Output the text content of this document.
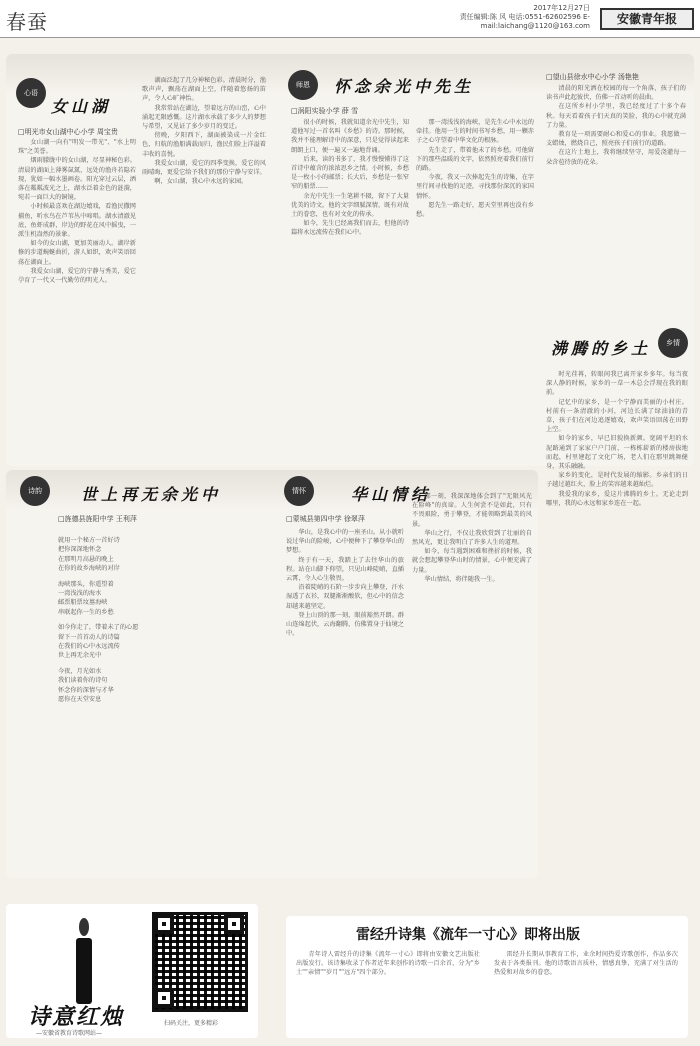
春蚕
2017年12月27日
责任编辑:陈 风 电话:0551-62602596 E-mail:laichang@1120@163.com	安徽青年报
心语
女山湖
□明光市女山湖中心小学 周宝贵

女山湖一向有"明发一带光"、"水上明珠"之美誉。

烟雨朦胧中的女山湖，尽显神秘色彩。清晨的湖面上薄雾氤氲，远处的渔舟若隐若现，犹如一幅水墨画卷。阳光穿过云层，洒落在粼粼波光之上，湖水泛着金色的涟漪，宛若一面巨大的铜镜。

小时候最喜欢在湖边嬉戏，看渔民撒网捕鱼，听水鸟在芦苇丛中啼唱。湖水清澈见底，鱼虾成群，岸边的野花在风中摇曳，一派生机盎然的景象。

如今的女山湖，更加美丽动人。湖岸新修的步道蜿蜒曲折，游人如织，欢声笑语回荡在湖面上。

我爱女山湖，爱它的宁静与秀美，爱它孕育了一代又一代勤劳的明光人。

湖面泛起了几分神秘色彩。清晨时分，渔歌声声，飘荡在湖面上空，伴随着悠扬的笛声，令人心旷神怡。

我常常站在湖边，望着远方的山峦，心中涌起无限感慨。这片湖水承载了多少人的梦想与希望，又见证了多少岁月的变迁。

傍晚，夕阳西下，湖面被染成一片金红色，归航的渔船满载而归，渔民们脸上洋溢着丰收的喜悦。

我爱女山湖，爱它的四季变换，爱它的风雨晴晦，更爱它给予我们的那份宁静与安详。

啊，女山湖，我心中永远的家园。

师恩	怀念余光中先生
□涡阳实验小学 薛 雪

很小的时候，我就知道余光中先生，知道他写过一首名叫《乡愁》的诗。那时候，我并不能理解诗中的深意，只是觉得读起来朗朗上口，便一遍又一遍地背诵。

后来，读的书多了，我才慢慢懂得了这首诗中蕴含的浓浓思乡之情。小时候，乡愁是一枚小小的邮票；长大后，乡愁是一张窄窄的船票……

余光中先生一生笔耕不辍，留下了大量优美的诗文。他的文字细腻深情，既有对故土的眷恋，也有对文化的传承。

如今，先生已经离我们而去，但他的诗篇将永远流传在我们心中。

那一湾浅浅的海峡，是先生心中永远的牵挂。他用一生的时间书写乡愁，用一颗赤子之心守望着中华文化的根脉。

先生走了，带着他未了的乡愁。可他留下的那些温暖的文字，依然照亮着我们前行的路。

今夜，我又一次捧起先生的诗集，在字里行间寻找他的足迹，寻找那份深沉的家国情怀。

愿先生一路走好，愿天堂里再也没有乡愁。

□望山县徐水中心小学 汤艳艳

清晨的阳光洒在校园的每一个角落，孩子们的读书声此起彼伏，仿佛一首动听的晨曲。

在这所乡村小学里，我已经度过了十多个春秋。每天看着孩子们天真的笑脸，我的心中就充满了力量。

教育是一项需要耐心和爱心的事业。我愿做一支蜡烛，燃烧自己，照亮孩子们前行的道路。

在这片土地上，我将继续坚守，用爱浇灌每一朵含苞待放的花朵。

沸腾的乡土	乡情

时光荏苒，转眼间我已离开家乡多年。每当夜深人静的时候，家乡的一草一木总会浮现在我的眼前。

记忆中的家乡，是一个宁静而美丽的小村庄。村前有一条清澈的小河，河边长满了绿油油的青草，孩子们在河边追逐嬉戏，欢声笑语回荡在田野上空。

如今的家乡，早已旧貌换新颜。宽阔平坦的水泥路通到了家家户户门前，一栋栋崭新的楼房拔地而起，村里建起了文化广场，老人们在那里跳舞健身，其乐融融。

家乡的变化，是时代发展的缩影。乡亲们的日子越过越红火，脸上的笑容越来越灿烂。

我爱我的家乡，爱这片沸腾的乡土。无论走到哪里，我的心永远和家乡连在一起。

诗韵	世上再无余光中
□旌德县旌阳中学 王利萍

就用一个秘方一首好诗

把你深深地怀念

在那明月高悬的晚上

在你的故乡海峡的对岸

海峡那头，你遥望着

一湾浅浅的海水

邮票船票坟墓海峡

串联起你一生的乡愁

如今你走了，带着未了的心愿

留下一首首动人的诗篇

在我们的心中永远流传

世上再无余光中

今夜，月光如水

我们读着你的诗句

怀念你的深情与才华

愿你在天堂安息

情怀	华山情结
□蒙城县第四中学 徐翠萍

华山，是我心中的一座圣山。从小就听说过华山的险峻，心中便种下了攀登华山的梦想。

终于有一天，我踏上了去往华山的旅程。站在山脚下仰望，只见山峰陡峭，直插云霄，令人心生敬畏。

沿着陡峭的石阶一步步向上攀登，汗水湿透了衣衫，双腿渐渐酸软，但心中的信念却越来越坚定。

登上山顶的那一刻，眼前豁然开朗。群山连绵起伏，云海翻腾，仿佛置身于仙境之中。

那一刻，我深深地体会到了"无限风光在险峰"的真谛。人生何尝不是如此，只有不畏艰险，勇于攀登，才能领略到最美的风景。

华山之行，不仅让我欣赏到了壮丽的自然风光，更让我明白了许多人生的道理。

如今，每当遇到困难和挫折的时候，我就会想起攀登华山时的情景，心中便充满了力量。

华山情结，将伴随我一生。

诗意红烛
—安徽省教育诗歌网站—
扫码关注，更多精彩
雷经升诗集《流年一寸心》即将出版

青年诗人雷经升的诗集《流年一寸心》即将由安徽文艺出版社出版发行。该诗集收录了作者近年来创作的诗歌一百余首，分为"乡土""亲情""岁月""远方"四个部分。

雷经升长期从事教育工作，业余时间热爱诗歌创作，作品多次发表于各类报刊。他的诗歌语言质朴，情感真挚，充满了对生活的热爱和对故乡的眷恋。
